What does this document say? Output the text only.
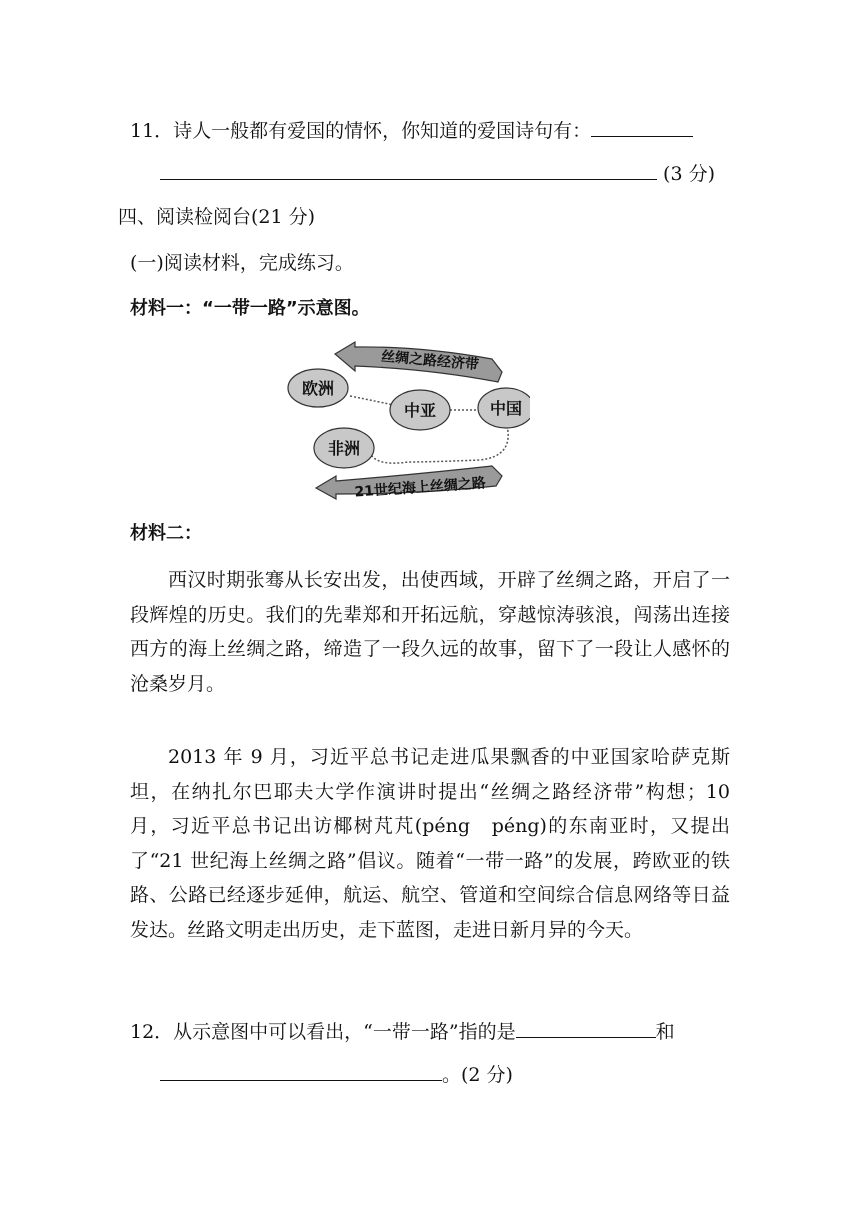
11．诗人一般都有爱国的情怀，你知道的爱国诗句有：
(3 分)
四、阅读检阅台(21 分)
(一)阅读材料，完成练习。
材料一：“一带一路”示意图。
丝绸之路经济带
欧洲
中亚	中国
非洲
21世纪海上丝绸之路
材料二：
西汉时期张骞从长安出发，出使西域，开辟了丝绸之路，开启了一段辉煌的历史。我们的先辈郑和开拓远航，穿越惊涛骇浪，闯荡出连接西方的海上丝绸之路，缔造了一段久远的故事，留下了一段让人感怀的沧桑岁月。
2013 年 9 月，习近平总书记走进瓜果飘香的中亚国家哈萨克斯坦，在纳扎尔巴耶夫大学作演讲时提出“丝绸之路经济带”构想；10 月，习近平总书记出访椰树芃芃(péng　péng)的东南亚时，又提出了“21 世纪海上丝绸之路”倡议。随着“一带一路”的发展，跨欧亚的铁路、公路已经逐步延伸，航运、航空、管道和空间综合信息网络等日益发达。丝路文明走出历史，走下蓝图，走进日新月异的今天。
12．从示意图中可以看出，“一带一路”指的是	和
。(2 分)
